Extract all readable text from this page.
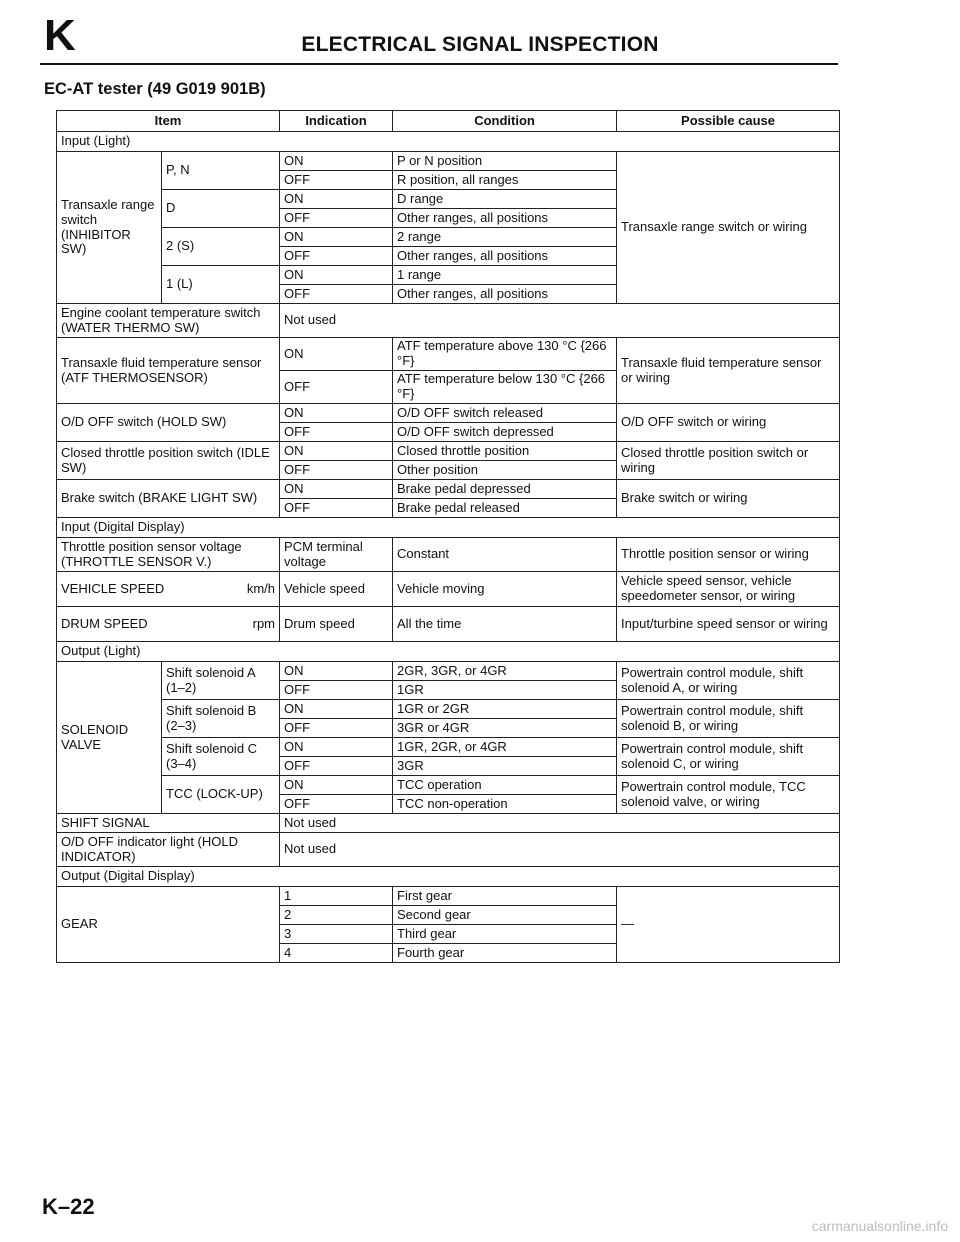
K	ELECTRICAL SIGNAL INSPECTION
EC-AT tester (49 G019 901B)
Item		Indication	Condition	Possible cause
Input (Light)				
Transaxle range switch (INHIBITOR SW)	P, N	ON	P or N position	Transaxle range switch or wiring
		OFF	R position, all ranges	
	D	ON	D range	
		OFF	Other ranges, all positions	
	2 (S)	ON	2 range	
		OFF	Other ranges, all positions	
	1 (L)	ON	1 range	
		OFF	Other ranges, all positions	
Engine coolant temperature switch (WATER THERMO SW)		Not used		
Transaxle fluid temperature sensor (ATF THERMOSENSOR)		ON	ATF temperature above 130 °C {266 °F}	Transaxle fluid temperature sensor or wiring
		OFF	ATF temperature below 130 °C {266 °F}	
O/D OFF switch (HOLD SW)		ON	O/D OFF switch released	O/D OFF switch or wiring
		OFF	O/D OFF switch depressed	
Closed throttle position switch (IDLE SW)		ON	Closed throttle position	Closed throttle position switch or wiring
		OFF	Other position	
Brake switch (BRAKE LIGHT SW)		ON	Brake pedal depressed	Brake switch or wiring
		OFF	Brake pedal released	
Input (Digital Display)				
Throttle position sensor voltage (THROTTLE SENSOR V.)		PCM terminal voltage	Constant	Throttle position sensor or wiring

VEHICLE SPEED km/h		Vehicle speed	Vehicle moving	Vehicle speed sensor, vehicle speedometer sensor, or wiring

DRUM SPEED rpm		Drum speed	All the time	Input/turbine speed sensor or wiring
Output (Light)				
SOLENOID VALVE	Shift solenoid A (1–2)	ON	2GR, 3GR, or 4GR	Powertrain control module, shift solenoid A, or wiring
		OFF	1GR	
	Shift solenoid B (2–3)	ON	1GR or 2GR	Powertrain control module, shift solenoid B, or wiring
		OFF	3GR or 4GR	
	Shift solenoid C (3–4)	ON	1GR, 2GR, or 4GR	Powertrain control module, shift solenoid C, or wiring
		OFF	3GR	
	TCC (LOCK-UP)	ON	TCC operation	Powertrain control module, TCC solenoid valve, or wiring
		OFF	TCC non-operation	
SHIFT SIGNAL		Not used		
O/D OFF indicator light (HOLD INDICATOR)		Not used		
Output (Digital Display)				
GEAR		1	First gear	—
		2	Second gear	
		3	Third gear	
		4	Fourth gear	
K–22
carmanualsonline.info
